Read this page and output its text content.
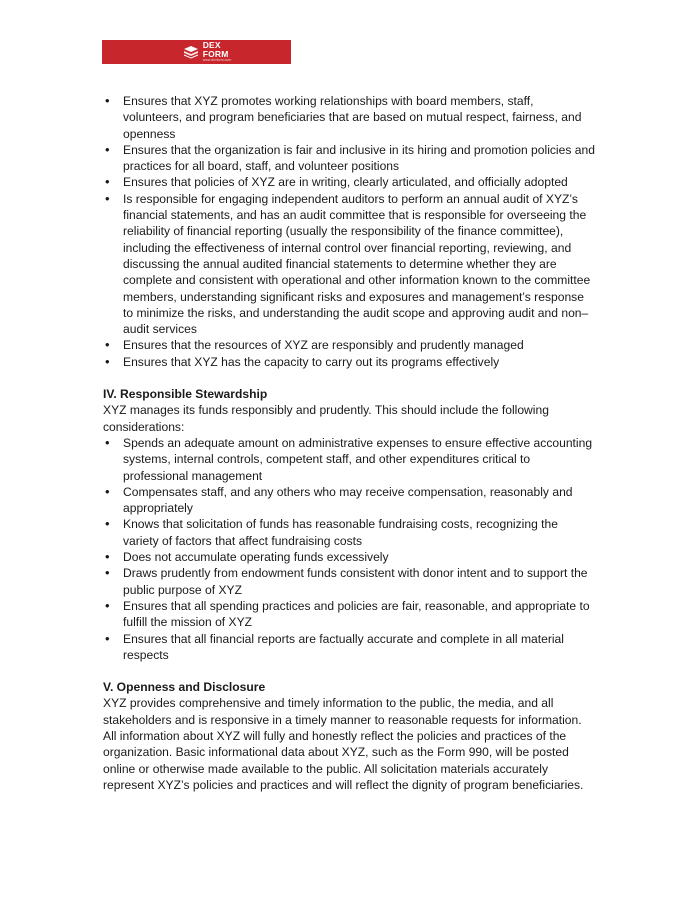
DEX
FORM
www.dexform.com
• Ensures that XYZ promotes working relationships with board members, staff, volunteers, and program beneficiaries that are based on mutual respect, fairness, and openness
• Ensures that the organization is fair and inclusive in its hiring and promotion policies and practices for all board, staff, and volunteer positions
• Ensures that policies of XYZ are in writing, clearly articulated, and officially adopted
• Is responsible for engaging independent auditors to perform an annual audit of XYZ’s financial statements, and has an audit committee that is responsible for overseeing the reliability of financial reporting (usually the responsibility of the finance committee), including the effectiveness of internal control over financial reporting, reviewing, and discussing the annual audited financial statements to determine whether they are complete and consistent with operational and other information known to the committee members, understanding significant risks and exposures and management’s response to minimize the risks, and understanding the audit scope and approving audit and non–audit services
• Ensures that the resources of XYZ are responsibly and prudently managed
• Ensures that XYZ has the capacity to carry out its programs effectively
IV. Responsible Stewardship

XYZ manages its funds responsibly and prudently. This should include the following considerations:

• Spends an adequate amount on administrative expenses to ensure effective accounting systems, internal controls, competent staff, and other expenditures critical to professional management
• Compensates staff, and any others who may receive compensation, reasonably and appropriately
• Knows that solicitation of funds has reasonable fundraising costs, recognizing the variety of factors that affect fundraising costs
• Does not accumulate operating funds excessively
• Draws prudently from endowment funds consistent with donor intent and to support the public purpose of XYZ
• Ensures that all spending practices and policies are fair, reasonable, and appropriate to fulfill the mission of XYZ
• Ensures that all financial reports are factually accurate and complete in all material respects
V. Openness and Disclosure

XYZ provides comprehensive and timely information to the public, the media, and all stakeholders and is responsive in a timely manner to reasonable requests for information. All information about XYZ will fully and honestly reflect the policies and practices of the organization. Basic informational data about XYZ, such as the Form 990, will be posted online or otherwise made available to the public. All solicitation materials accurately represent XYZ’s policies and practices and will reflect the dignity of program beneficiaries.
